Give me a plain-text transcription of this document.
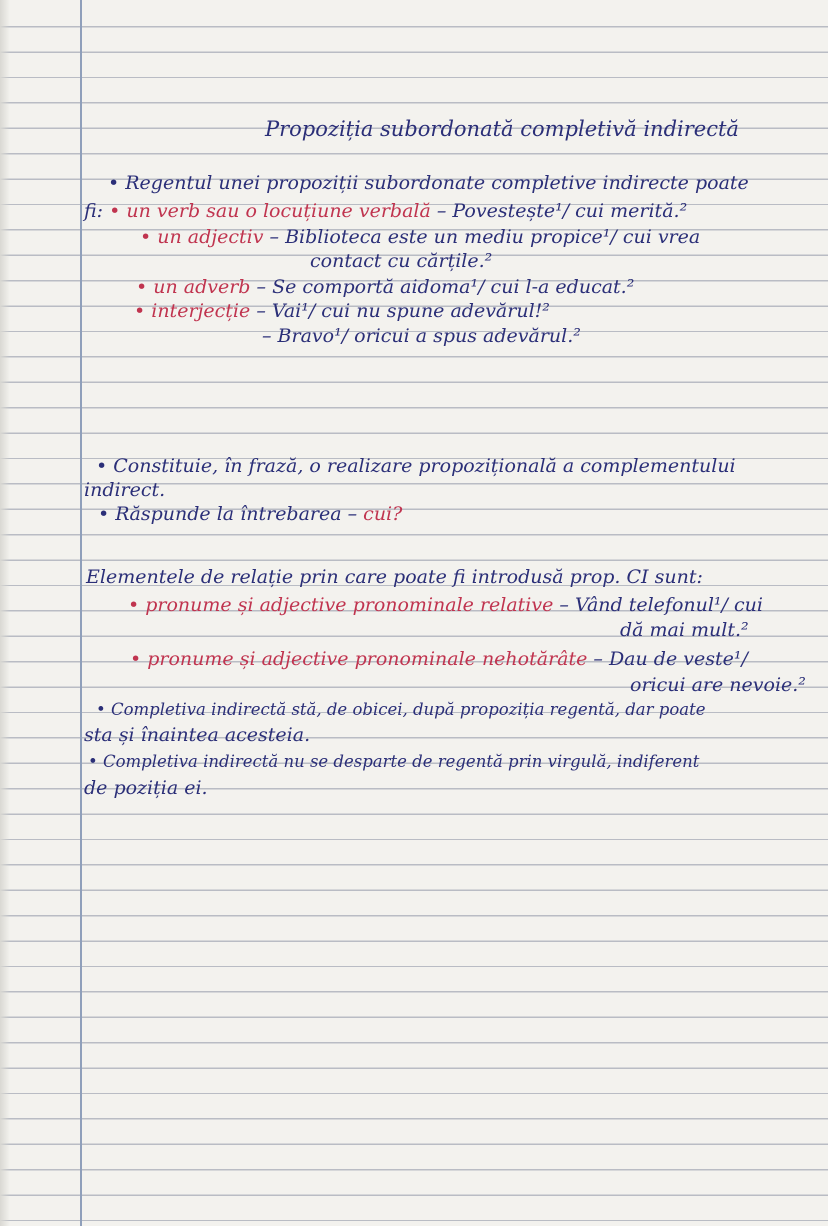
Propoziția subordonată completivă indirectă
• Regentul unei propoziții subordonate completive indirecte poate
fi: • un verb sau o locuțiune verbală – Povestește¹/ cui merită.²
• un adjectiv – Biblioteca este un mediu propice¹/ cui vrea
contact cu cărțile.²
• un adverb – Se comportă aidoma¹/ cui l-a educat.²
• interjecție – Vai¹/ cui nu spune adevărul!²
– Bravo¹/ oricui a spus adevărul.²
• Constituie, în frază, o realizare propozițională a complementului
indirect.
• Răspunde la întrebarea – cui?
Elementele de relație prin care poate fi introdusă prop. CI sunt:
• pronume și adjective pronominale relative – Vând telefonul¹/ cui
dă mai mult.²
• pronume și adjective pronominale nehotărâte – Dau de veste¹/
oricui are nevoie.²
• Completiva indirectă stă, de obicei, după propoziția regentă, dar poate
sta și înaintea acesteia.
• Completiva indirectă nu se desparte de regentă prin virgulă, indiferent
de poziția ei.
